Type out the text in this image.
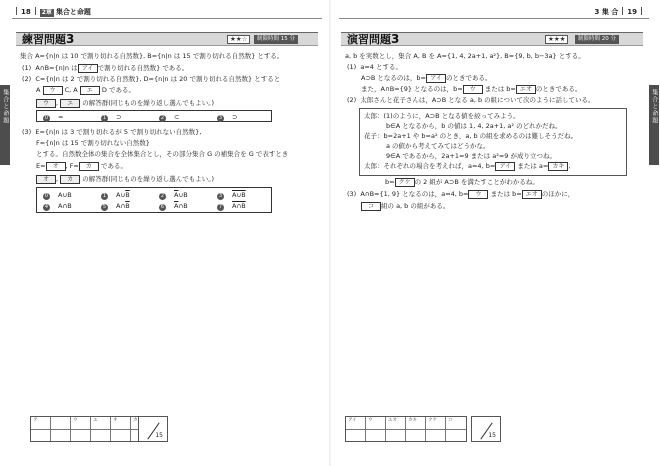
18 2章 集合と命題
集合と命題
練習問題3	★★☆	制限時間 15 分
集合 A={n|n は 10 で割り切れる自然数}, B={n|n は 15 で割り切れる自然数} とする。
(1) A∩B={n|n は アイ で割り切れる自然数} である。
(2) C={n|n は 2 で割り切れる自然数}, D={n|n は 20 で割り切れる自然数} とすると
A ウ C, A エ D である。
ウ , エ の解答群(同じものを繰り返し選んでもよい。)
0 =	1 ⊃	2 ⊂	3 ⊃
(3) E={n|n は 3 で割り切れるが 5 で割り切れない自然数},
F={n|n は 15 で割り切れない自然数}
とする。自然数全体の集合を全体集合とし，その部分集合 G の補集合を G で表すとき
E= オ , F= カ である。
オ , カ の解答群(同じものを繰り返し選んでもよい。)
0 A∪B	1 $A\cup\overline{B}$	2 $\overline{A}\cup B$	3 A∪B
4 A∩B	5 $A\cap\overline{B}$	6 $\overline{A}\cap B$	7 A∩B
ア	ウ	エ	オ	カ
15
3 集 合 19
集合と命題
演習問題3	★★★	制限時間 20 分
a, b を実数とし，集合 A, B を A={1, 4, 2a+1, a²}, B={9, b, b−3a} とする。
(1) a=4 とする。
A⊃B となるのは，b= アイ のときである。
また，A∩B={9} となるのは，b= ウ または b= エオ のときである。
(2) 太郎さんと花子さんは，A⊃B となる a, b の組について次のように話している。
太郎：(1)のように，A⊃B となる値を絞ってみよう。
b∈A となるから，b の値は 1, 4, 2a+1, a² のどれかだね。
花子：b=2a+1 や b=a² のとき，a, b の組を求めるのは難しそうだね。
a の値から考えてみてはどうかな。
9∈A であるから，2a+1=9 または a²=9 が成り立つね。
太郎：それぞれの場合を考えれば，a=4, b= アイ または a= カキ ,
b= クケ の 2 組が A⊃B を満たすことがわかるね。
(3) A∩B={1, 9} となるのは，a=4, b= ウ または b= エオ のほかに，
コ 組の a, b の組がある。
アイ	ウ	エオ	カキ	クケ	コ
15
